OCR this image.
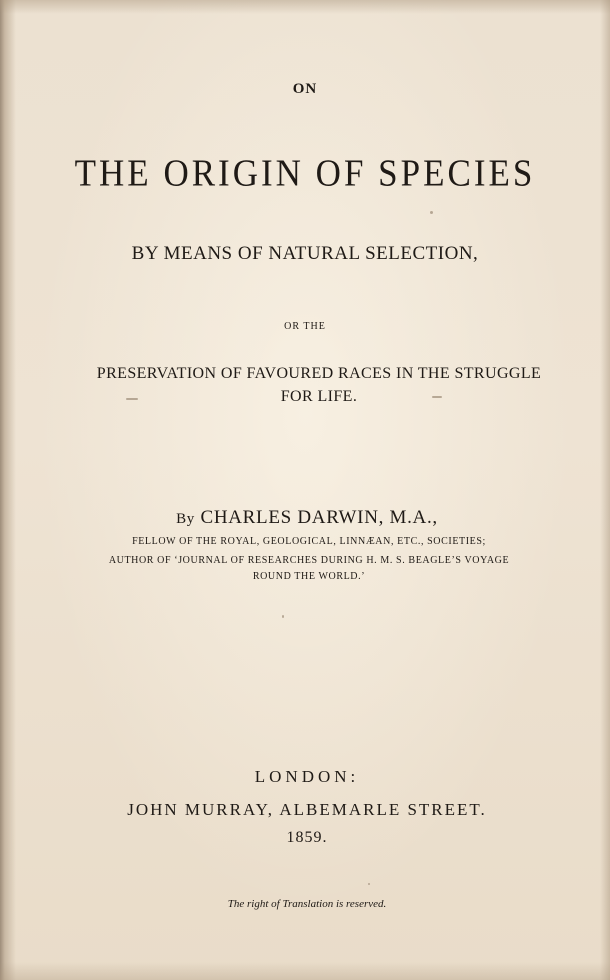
ON
THE ORIGIN OF SPECIES
BY MEANS OF NATURAL SELECTION,
OR THE
PRESERVATION OF FAVOURED RACES IN THE STRUGGLE
FOR LIFE.
By CHARLES DARWIN, M.A.,
FELLOW OF THE ROYAL, GEOLOGICAL, LINNÆAN, ETC., SOCIETIES;
AUTHOR OF ‘JOURNAL OF RESEARCHES DURING H. M. S. BEAGLE’S VOYAGE
ROUND THE WORLD.’
LONDON:
JOHN MURRAY, ALBEMARLE STREET.
1859.
The right of Translation is reserved.
